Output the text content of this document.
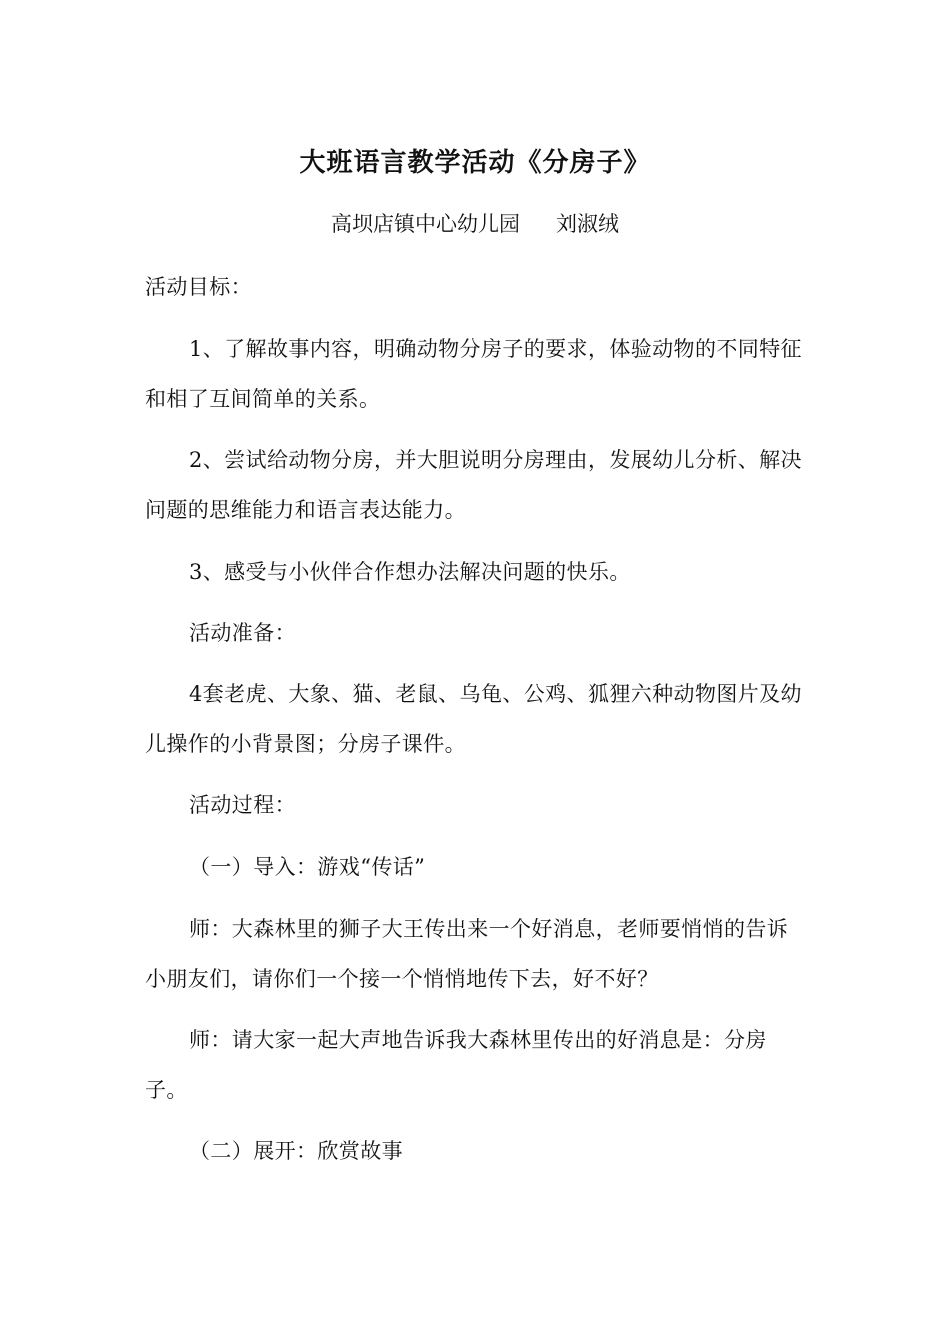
大班语言教学活动《分房子》
高坝店镇中心幼儿园 刘淑绒

活动目标：

1、了解故事内容，明确动物分房子的要求，体验动物的不同特征和相了互间简单的关系。

2、尝试给动物分房，并大胆说明分房理由，发展幼儿分析、解决问题的思维能力和语言表达能力。

3、感受与小伙伴合作想办法解决问题的快乐。

活动准备：

4套老虎、大象、猫、老鼠、乌龟、公鸡、狐狸六种动物图片及幼儿操作的小背景图；分房子课件。

活动过程：

（一）导入：游戏“传话”

师：大森林里的狮子大王传出来一个好消息，老师要悄悄的告诉小朋友们，请你们一个接一个悄悄地传下去，好不好？

师：请大家一起大声地告诉我大森林里传出的好消息是：分房子。

（二）展开：欣赏故事
